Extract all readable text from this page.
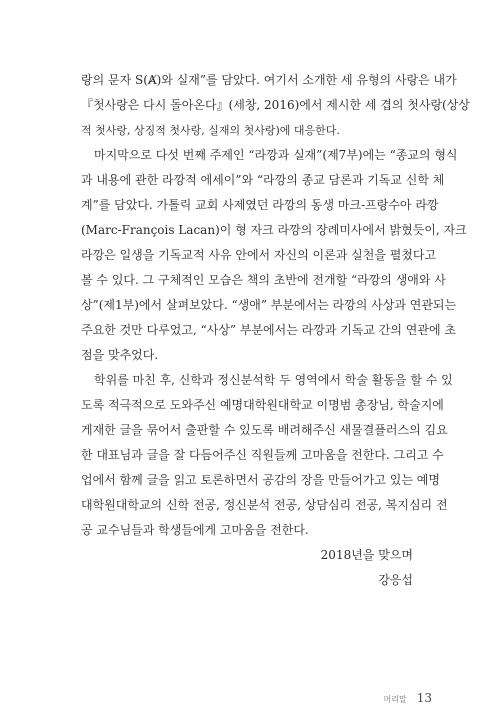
랑의 문자 S(Ⱥ)와 실재”를 담았다. 여기서 소개한 세 유형의 사랑은 내가
『첫사랑은 다시 돌아온다』(세창, 2016)에서 제시한 세 겹의 첫사랑(상상
적 첫사랑, 상징적 첫사랑, 실재의 첫사랑)에 대응한다.
마지막으로 다섯 번째 주제인 “라깡과 실재”(제7부)에는 “종교의 형식
과 내용에 관한 라깡적 에세이”와 “라깡의 종교 담론과 기독교 신학 체
계”를 담았다. 가톨릭 교회 사제였던 라깡의 동생 마크-프랑수아 라깡
(Marc-François Lacan)이 형 자크 라깡의 장례미사에서 밝혔듯이, 자크
라깡은 일생을 기독교적 사유 안에서 자신의 이론과 실천을 펼쳤다고
볼 수 있다. 그 구체적인 모습은 책의 초반에 전개할 “라깡의 생애와 사
상”(제1부)에서 살펴보았다. “생애” 부분에서는 라깡의 사상과 연관되는
주요한 것만 다루었고, “사상” 부분에서는 라깡과 기독교 간의 연관에 초
점을 맞추었다.
학위를 마친 후, 신학과 정신분석학 두 영역에서 학술 활동을 할 수 있
도록 적극적으로 도와주신 예명대학원대학교 이명범 총장님, 학술지에
게재한 글을 묶어서 출판할 수 있도록 배려해주신 새물결플러스의 김요
한 대표님과 글을 잘 다듬어주신 직원들께 고마움을 전한다. 그리고 수
업에서 함께 글을 읽고 토론하면서 공감의 장을 만들어가고 있는 예명
대학원대학교의 신학 전공, 정신분석 전공, 상담심리 전공, 복지심리 전
공 교수님들과 학생들에게 고마움을 전한다.
2018년을 맞으며
강응섭
머리말 13
